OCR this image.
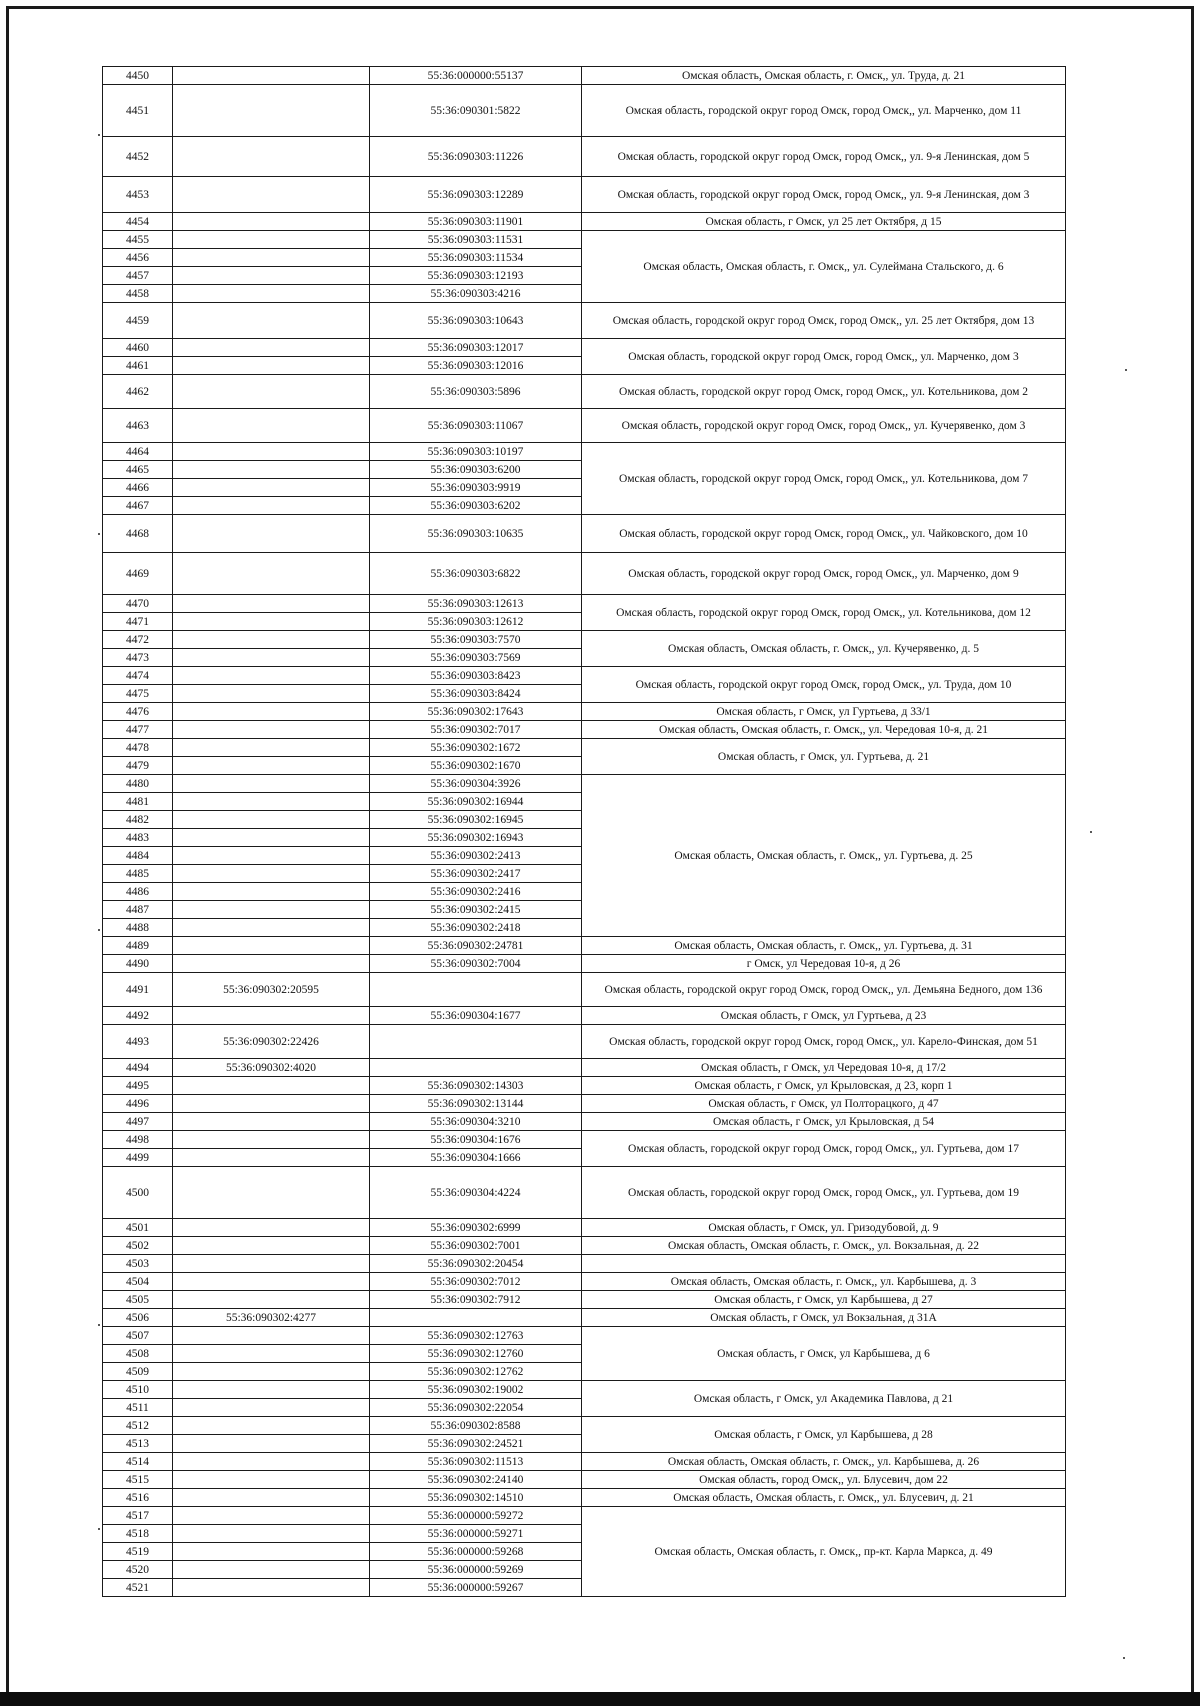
4450		55:36:000000:55137	Омская область, Омская область, г. Омск,, ул. Труда, д. 21
4451		55:36:090301:5822	Омская область, городской округ город Омск, город Омск,, ул. Марченко, дом 11
4452		55:36:090303:11226	Омская область, городской округ город Омск, город Омск,, ул. 9-я Ленинская, дом 5
4453		55:36:090303:12289	Омская область, городской округ город Омск, город Омск,, ул. 9-я Ленинская, дом 3
4454		55:36:090303:11901	Омская область, г Омск, ул 25 лет Октября, д 15
4455		55:36:090303:11531	Омская область, Омская область, г. Омск,, ул. Сулеймана Стальского, д. 6
4456		55:36:090303:11534	
4457		55:36:090303:12193	
4458		55:36:090303:4216	
4459		55:36:090303:10643	Омская область, городской округ город Омск, город Омск,, ул. 25 лет Октября, дом 13
4460		55:36:090303:12017	Омская область, городской округ город Омск, город Омск,, ул. Марченко, дом 3
4461		55:36:090303:12016	
4462		55:36:090303:5896	Омская область, городской округ город Омск, город Омск,, ул. Котельникова, дом 2
4463		55:36:090303:11067	Омская область, городской округ город Омск, город Омск,, ул. Кучерявенко, дом 3
4464		55:36:090303:10197	Омская область, городской округ город Омск, город Омск,, ул. Котельникова, дом 7
4465		55:36:090303:6200	
4466		55:36:090303:9919	
4467		55:36:090303:6202	
4468		55:36:090303:10635	Омская область, городской округ город Омск, город Омск,, ул. Чайковского, дом 10
4469		55:36:090303:6822	Омская область, городской округ город Омск, город Омск,, ул. Марченко, дом 9
4470		55:36:090303:12613	Омская область, городской округ город Омск, город Омск,, ул. Котельникова, дом 12
4471		55:36:090303:12612	
4472		55:36:090303:7570	Омская область, Омская область, г. Омск,, ул. Кучерявенко, д. 5
4473		55:36:090303:7569	
4474		55:36:090303:8423	Омская область, городской округ город Омск, город Омск,, ул. Труда, дом 10
4475		55:36:090303:8424	
4476		55:36:090302:17643	Омская область, г Омск, ул Гуртьева, д 33/1
4477		55:36:090302:7017	Омская область, Омская область, г. Омск,, ул. Чередовая 10-я, д. 21
4478		55:36:090302:1672	Омская область, г Омск, ул. Гуртьева, д. 21
4479		55:36:090302:1670	
4480		55:36:090304:3926	Омская область, Омская область, г. Омск,, ул. Гуртьева, д. 25
4481		55:36:090302:16944	
4482		55:36:090302:16945	
4483		55:36:090302:16943	
4484		55:36:090302:2413	
4485		55:36:090302:2417	
4486		55:36:090302:2416	
4487		55:36:090302:2415	
4488		55:36:090302:2418	
4489		55:36:090302:24781	Омская область, Омская область, г. Омск,, ул. Гуртьева, д. 31
4490		55:36:090302:7004	г Омск, ул Чередовая 10-я, д 26
4491	55:36:090302:20595		Омская область, городской округ город Омск, город Омск,, ул. Демьяна Бедного, дом 136
4492		55:36:090304:1677	Омская область, г Омск, ул Гуртьева, д 23
4493	55:36:090302:22426		Омская область, городской округ город Омск, город Омск,, ул. Карело-Финская, дом 51
4494	55:36:090302:4020		Омская область, г Омск, ул Чередовая 10-я, д 17/2
4495		55:36:090302:14303	Омская область, г Омск, ул Крыловская, д 23, корп 1
4496		55:36:090302:13144	Омская область, г Омск, ул Полторацкого, д 47
4497		55:36:090304:3210	Омская область, г Омск, ул Крыловская, д 54
4498		55:36:090304:1676	Омская область, городской округ город Омск, город Омск,, ул. Гуртьева, дом 17
4499		55:36:090304:1666	
4500		55:36:090304:4224	Омская область, городской округ город Омск, город Омск,, ул. Гуртьева, дом 19
4501		55:36:090302:6999	Омская область, г Омск, ул. Гризодубовой, д. 9
4502		55:36:090302:7001	Омская область, Омская область, г. Омск,, ул. Вокзальная, д. 22
4503		55:36:090302:20454	
4504		55:36:090302:7012	Омская область, Омская область, г. Омск,, ул. Карбышева, д. 3
4505		55:36:090302:7912	Омская область, г Омск, ул Карбышева, д 27
4506	55:36:090302:4277		Омская область, г Омск, ул Вокзальная, д 31А
4507		55:36:090302:12763	Омская область, г Омск, ул Карбышева, д 6
4508		55:36:090302:12760	
4509		55:36:090302:12762	
4510		55:36:090302:19002	Омская область, г Омск, ул Академика Павлова, д 21
4511		55:36:090302:22054	
4512		55:36:090302:8588	Омская область, г Омск, ул Карбышева, д 28
4513		55:36:090302:24521	
4514		55:36:090302:11513	Омская область, Омская область, г. Омск,, ул. Карбышева, д. 26
4515		55:36:090302:24140	Омская область, город Омск,, ул. Блусевич, дом 22
4516		55:36:090302:14510	Омская область, Омская область, г. Омск,, ул. Блусевич, д. 21
4517		55:36:000000:59272	Омская область, Омская область, г. Омск,, пр-кт. Карла Маркса, д. 49
4518		55:36:000000:59271	
4519		55:36:000000:59268	
4520		55:36:000000:59269	
4521		55:36:000000:59267	
